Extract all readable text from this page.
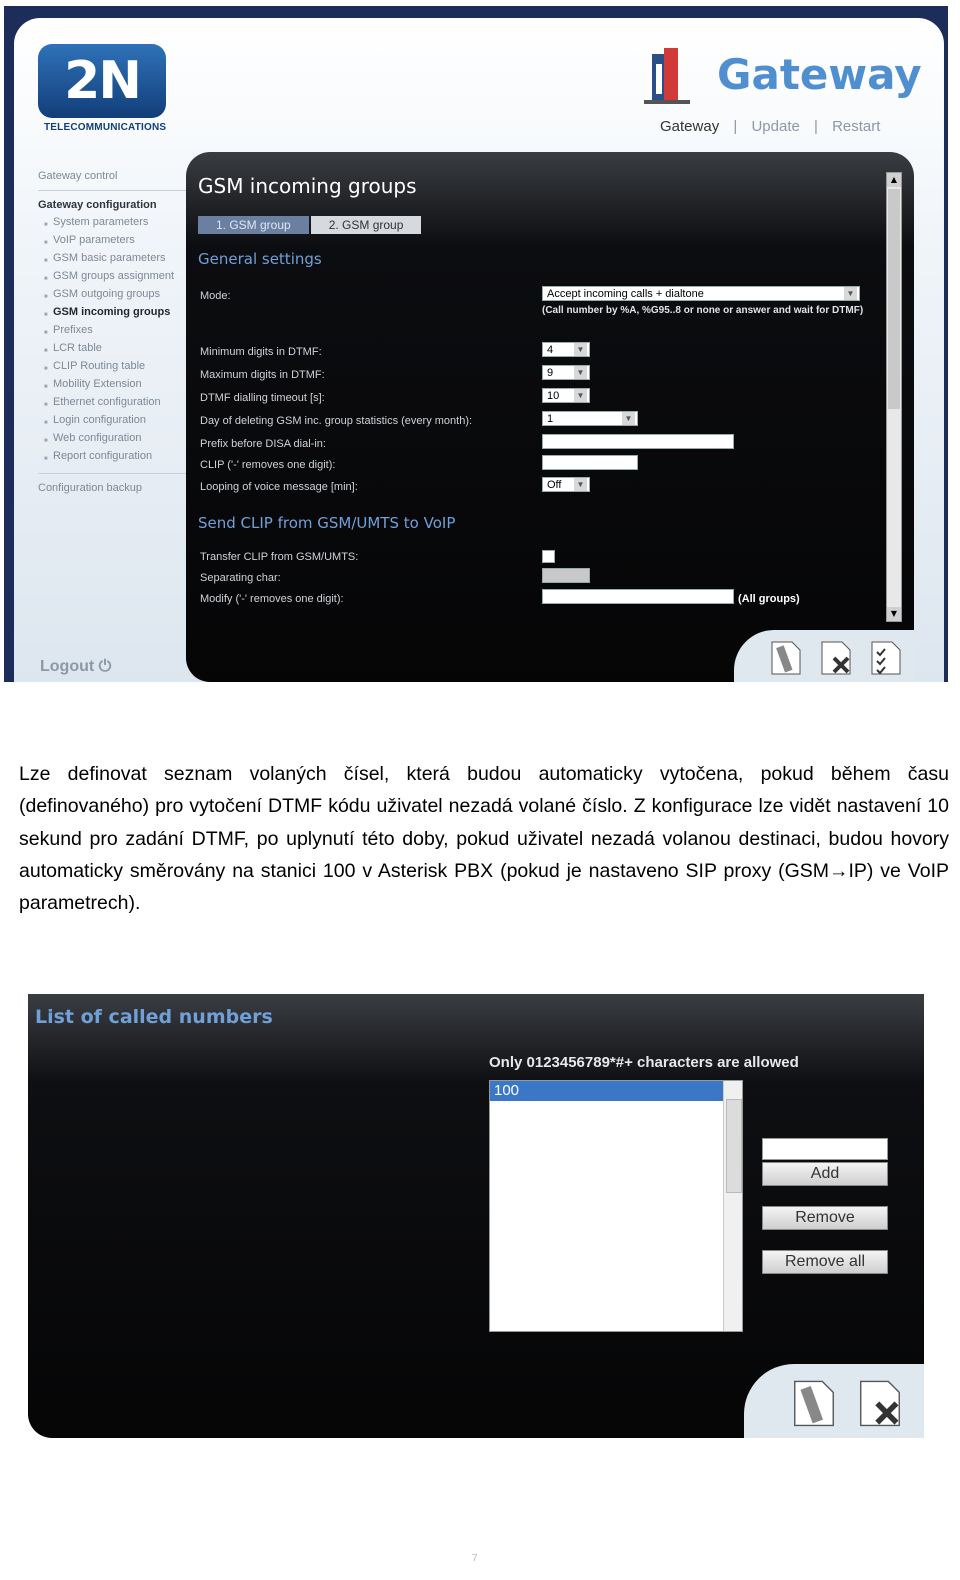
2N
TELECOMMUNICATIONS
Gateway
Gateway | Update | Restart
Gateway control
Gateway configuration
■ System parameters
■ VoIP parameters
■ GSM basic parameters
■ GSM groups assignment
■ GSM outgoing groups
■ GSM incoming groups
■ Prefixes
■ LCR table
■ CLIP Routing table
■ Mobility Extension
■ Ethernet configuration
■ Login configuration
■ Web configuration
■ Report configuration
Configuration backup
Logout ⏻
GSM incoming groups
1. GSM group	2. GSM group
General settings
Mode:	Accept incoming calls + dialtone ▼
(Call number by %A, %G95..8 or none or answer and wait for DTMF)
Minimum digits in DTMF:	4 ▼
Maximum digits in DTMF:	9 ▼
DTMF dialling timeout [s]:	10 ▼
Day of deleting GSM inc. group statistics (every month):	1 ▼
Prefix before DISA dial-in:
CLIP ('-' removes one digit):
Looping of voice message [min]:	Off ▼
Send CLIP from GSM/UMTS to VoIP
Transfer CLIP from GSM/UMTS:
Separating char:
Modify ('-' removes one digit):	(All groups)
▲
▼
Lze definovat seznam volaných čísel, která budou automaticky vytočena, pokud během času (definovaného) pro vytočení DTMF kódu uživatel nezadá volané číslo. Z konfigurace lze vidět nastavení 10 sekund pro zadání DTMF, po uplynutí této doby, pokud uživatel nezadá volanou destinaci, budou hovory automaticky směrovány na stanici 100 v Asterisk PBX (pokud je nastaveno SIP proxy (GSM→IP) ve VoIP parametrech).
List of called numbers
Only 0123456789*#+ characters are allowed
100
Add
Remove
Remove all
7
